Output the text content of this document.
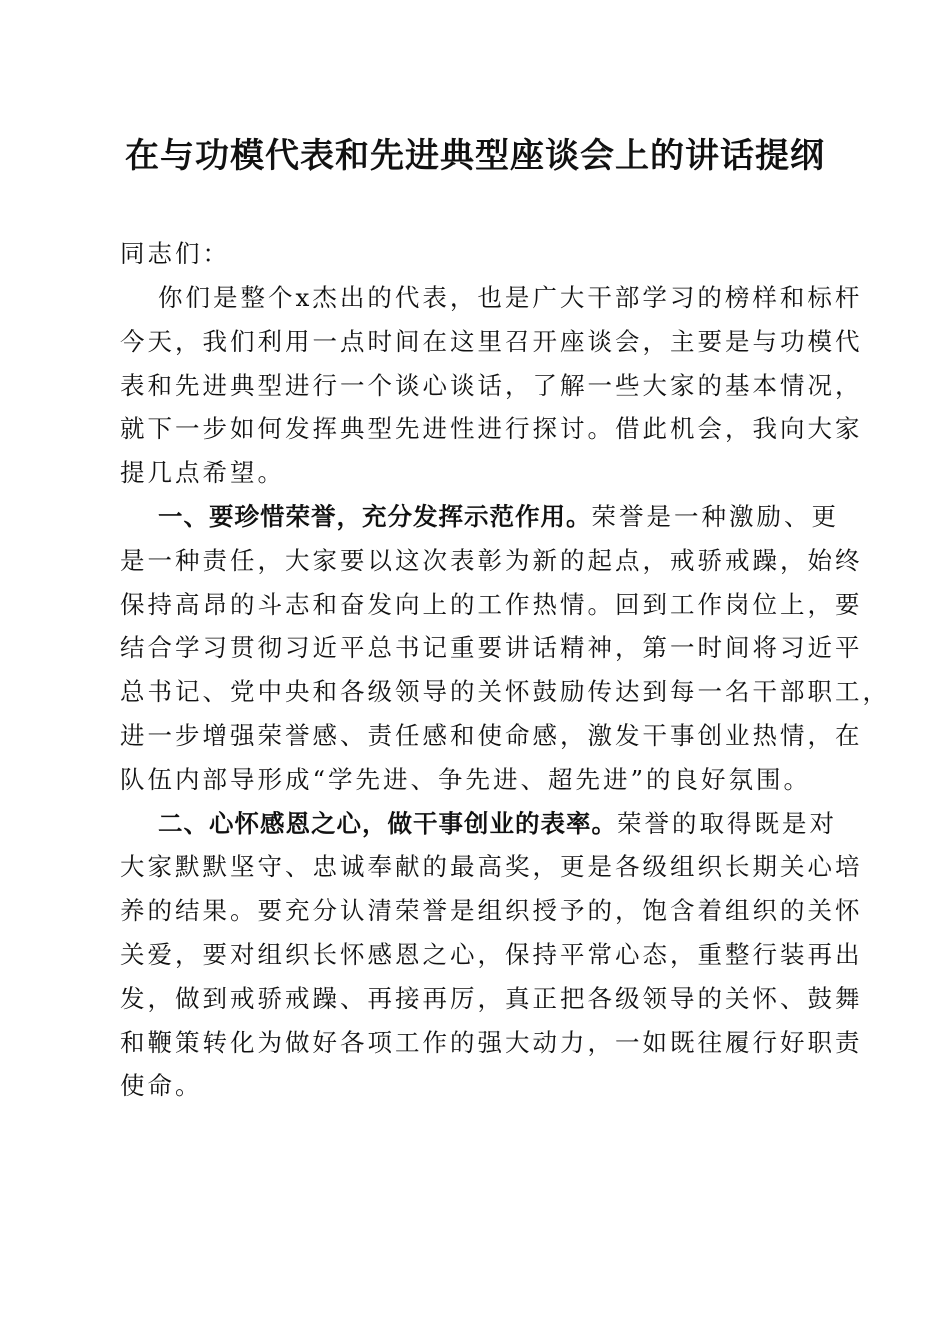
在与功模代表和先进典型座谈会上的讲话提纲
同志们：
你们是整个x杰出的代表，也是广大干部学习的榜样和标杆
今天，我们利用一点时间在这里召开座谈会，主要是与功模代
表和先进典型进行一个谈心谈话，了解一些大家的基本情况，
就下一步如何发挥典型先进性进行探讨。借此机会，我向大家
提几点希望。
一、要珍惜荣誉，充分发挥示范作用。荣誉是一种激励、更
是一种责任，大家要以这次表彰为新的起点，戒骄戒躁，始终
保持高昂的斗志和奋发向上的工作热情。回到工作岗位上，要
结合学习贯彻习近平总书记重要讲话精神，第一时间将习近平
总书记、党中央和各级领导的关怀鼓励传达到每一名干部职工，
进一步增强荣誉感、责任感和使命感，激发干事创业热情，在
队伍内部导形成“学先进、争先进、超先进”的良好氛围。
二、心怀感恩之心，做干事创业的表率。荣誉的取得既是对
大家默默坚守、忠诚奉献的最高奖，更是各级组织长期关心培
养的结果。要充分认清荣誉是组织授予的，饱含着组织的关怀
关爱，要对组织长怀感恩之心，保持平常心态，重整行装再出
发，做到戒骄戒躁、再接再厉，真正把各级领导的关怀、鼓舞
和鞭策转化为做好各项工作的强大动力，一如既往履行好职责
使命。
